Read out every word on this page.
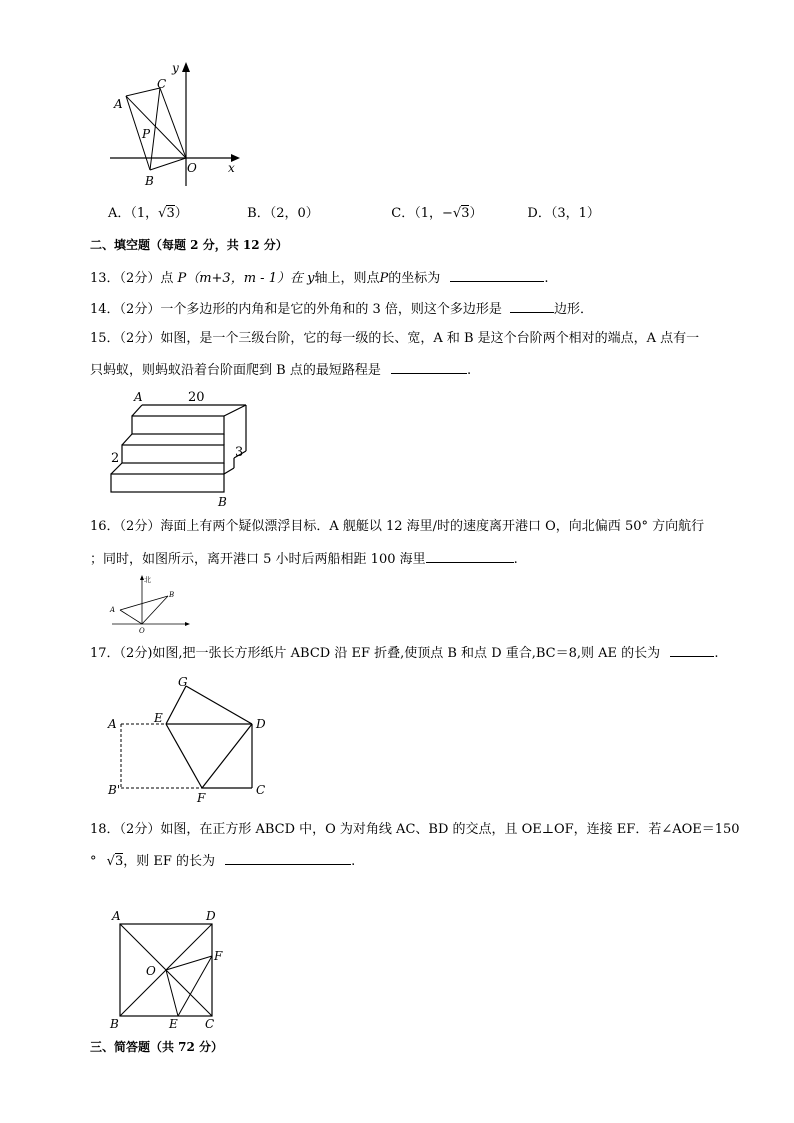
y
x
A
C
P
O
B
A．（1，√3）	B．（2，0）	C．（1，−√3）	D．（3，1）
二、填空题（每题 2 分，共 12 分）
13．（2分）点 P（m+3，m - 1）在 y轴上，则点P的坐标为	.
14．（2分）一个多边形的内角和是它的外角和的 3 倍，则这个多边形是	边形．
15．（2分）如图，是一个三级台阶，它的每一级的长、宽，A 和 B 是这个台阶两个相对的端点，A 点有一
只蚂蚁，则蚂蚁沿着台阶面爬到 B 点的最短路程是	.
A	20
3
2
B
16．（2分）海面上有两个疑似漂浮目标．A 舰艇以 12 海里/时的速度离开港口 O，向北偏西 50° 方向航行
；同时，如图所示，离开港口 5 小时后两船相距 100 海里	.
北
A
B
O
17．（2分)如图,把一张长方形纸片 ABCD 沿 EF 折叠,使顶点 B 和点 D 重合,BC＝8,则 AE 的长为	.
G
A	E	D
B'
F
C
18．（2分）如图，在正方形 ABCD 中，O 为对角线 AC、BD 的交点，且 OE⊥OF，连接 EF．若∠AOE＝150
° √3，则 EF 的长为	.
A	D
F
O
B	E C
三、简答题（共 72 分）
